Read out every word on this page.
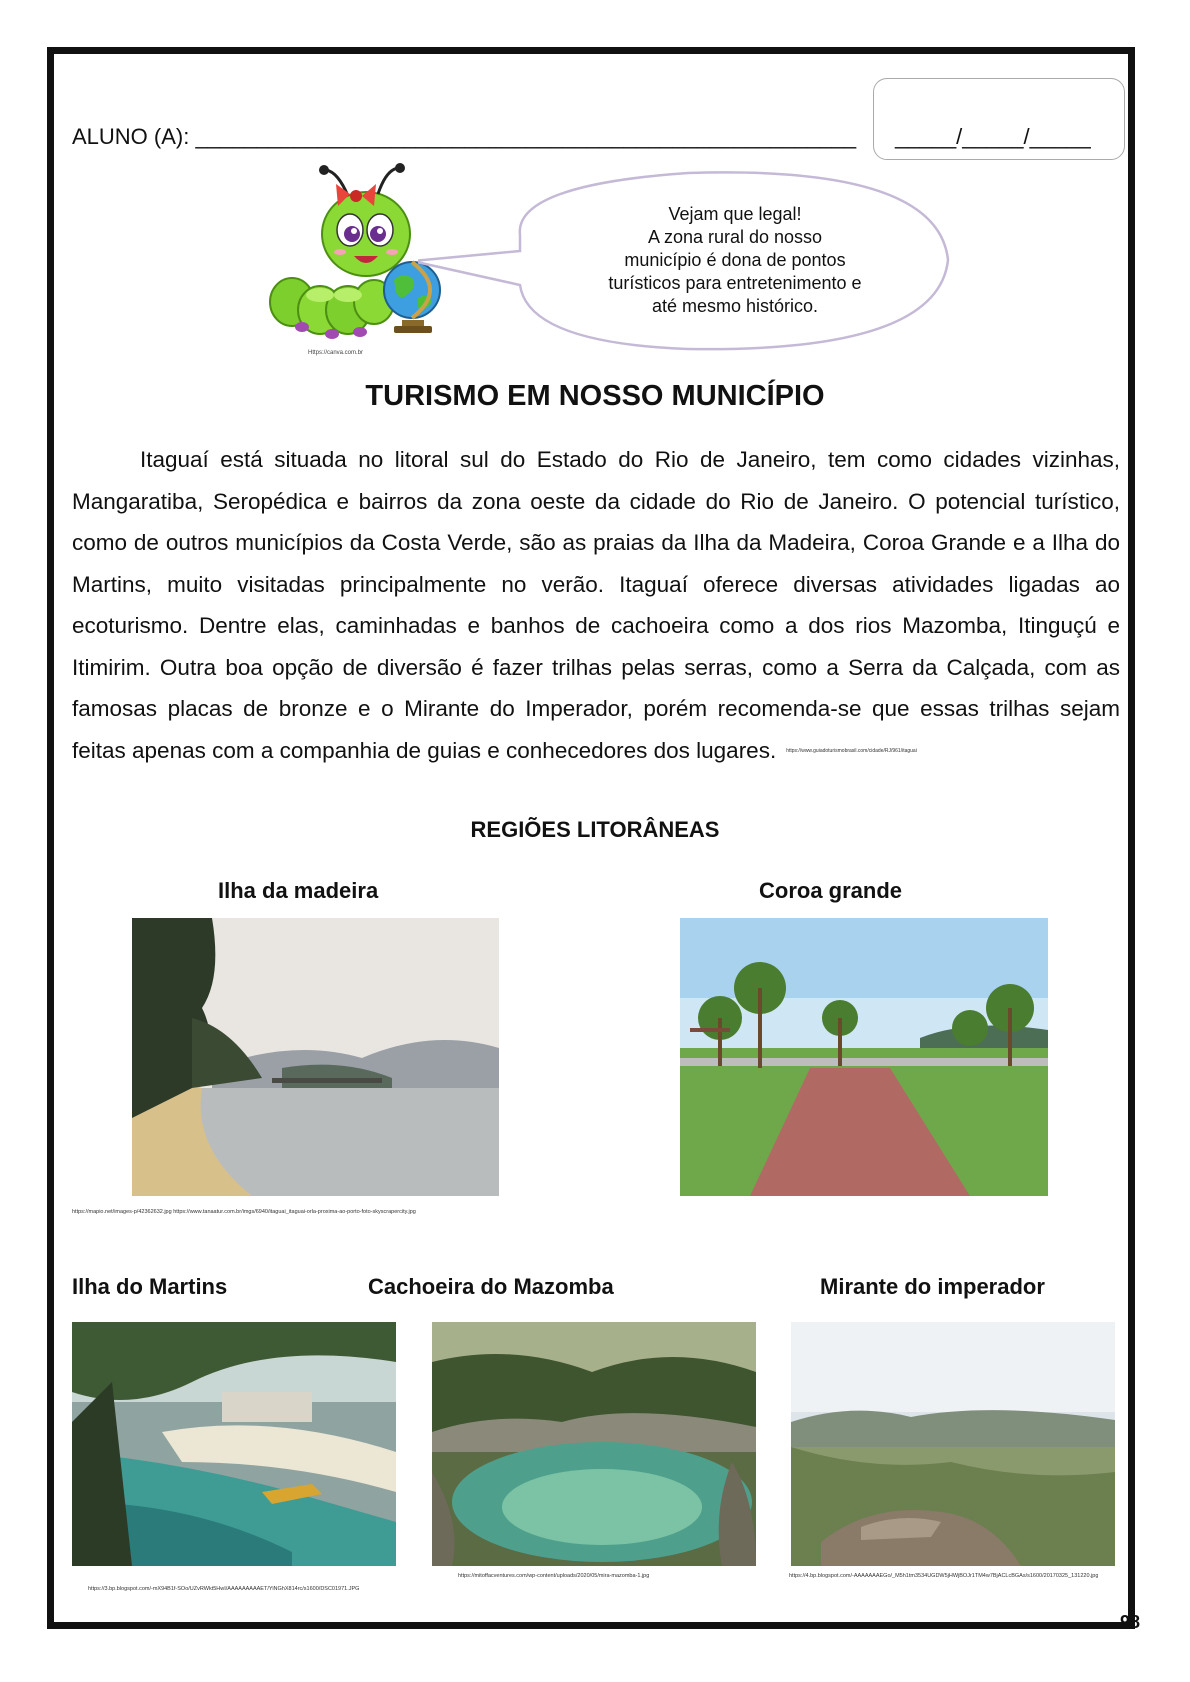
ALUNO (A): ______________________________________________________ _____/_____/_____
Https://canva.com.br
Vejam que legal!
A zona rural do nosso
município é dona de pontos
turísticos para entretenimento e
até mesmo histórico.
TURISMO EM NOSSO MUNICÍPIO
Itaguaí está situada no litoral sul do Estado do Rio de Janeiro, tem como cidades vizinhas, Mangaratiba, Seropédica e bairros da zona oeste da cidade do Rio de Janeiro. O potencial turístico, como de outros municípios da Costa Verde, são as praias da Ilha da Madeira, Coroa Grande e a Ilha do Martins, muito visitadas principalmente no verão. Itaguaí oferece diversas atividades ligadas ao ecoturismo. Dentre elas, caminhadas e banhos de cachoeira como a dos rios Mazomba, Itinguçú e Itimirim. Outra boa opção de diversão é fazer trilhas pelas serras, como a Serra da Calçada, com as famosas placas de bronze e o Mirante do Imperador, porém recomenda-se que essas trilhas sejam feitas apenas com a companhia de guias e conhecedores dos lugares. https://www.guiadoturismobrasil.com/cidade/RJ/961/itaguai
REGIÕES LITORÂNEAS
Ilha da madeira	Coroa grande
https://mapio.net/images-p/42362632.jpg https://www.tanaatur.com.br/imgs/6940/itaguai_itaguai-orla-proxima-ao-porto-foto-skyscrapercity.jpg
Ilha do Martins	Cachoeira do Mazomba	Mirante do imperador
https://3.bp.blogspot.com/-mX94B1f-SOo/UZvRWkt5HwI/AAAAAAAAAET/YiNGhX814rc/s1600/DSC01971.JPG
https://mitoffacventures.com/wp-content/uploads/2020/05/mira-mazomba-1.jpg	https://4.bp.blogspot.com/-AAAAAAAEGo/_M5h1tm3534UGDW5jHWjBOJr1TM4w7BjACLcBGAs/s1600/20170325_131220.jpg
98
